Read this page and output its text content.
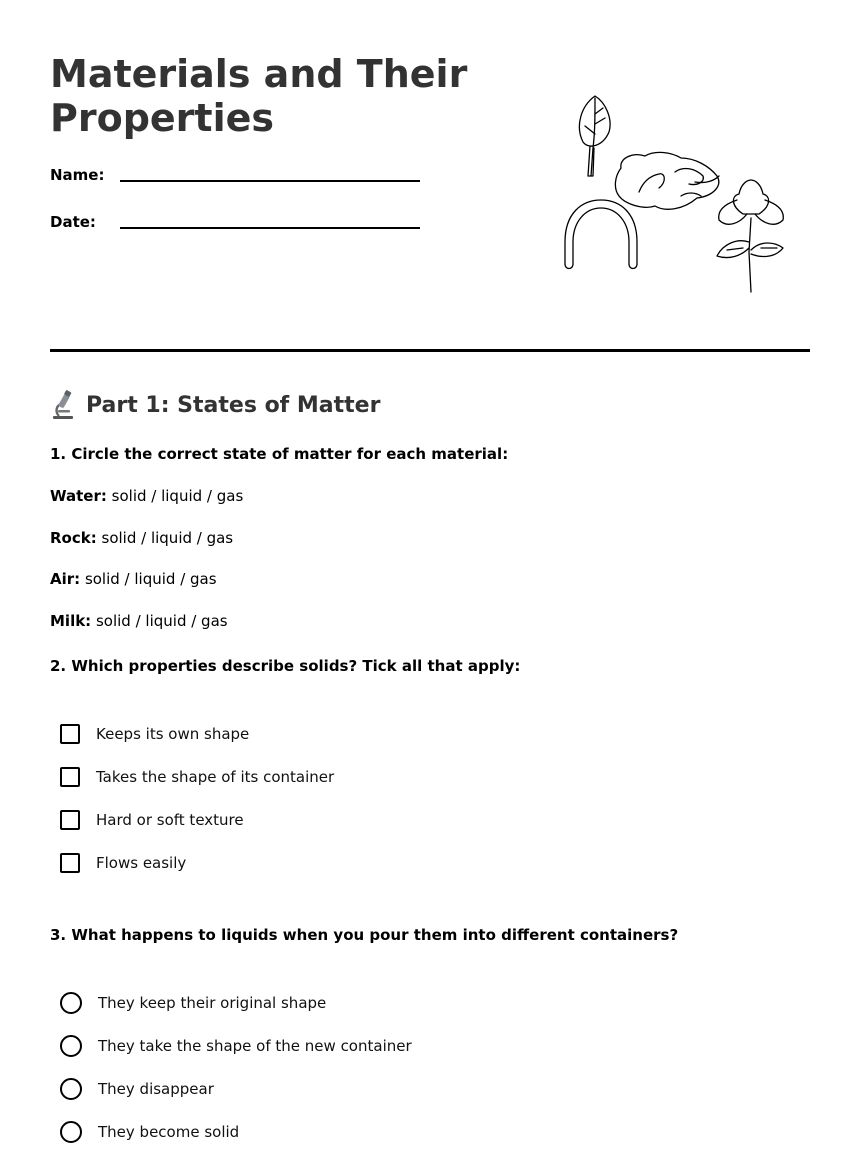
Materials and Their
Properties
Name:
Date:
Part 1: States of Matter
1. Circle the correct state of matter for each material:
Water: solid / liquid / gas
Rock: solid / liquid / gas
Air: solid / liquid / gas
Milk: solid / liquid / gas
2. Which properties describe solids? Tick all that apply:
Keeps its own shape
Takes the shape of its container
Hard or soft texture
Flows easily
3. What happens to liquids when you pour them into different containers?
They keep their original shape
They take the shape of the new container
They disappear
They become solid
